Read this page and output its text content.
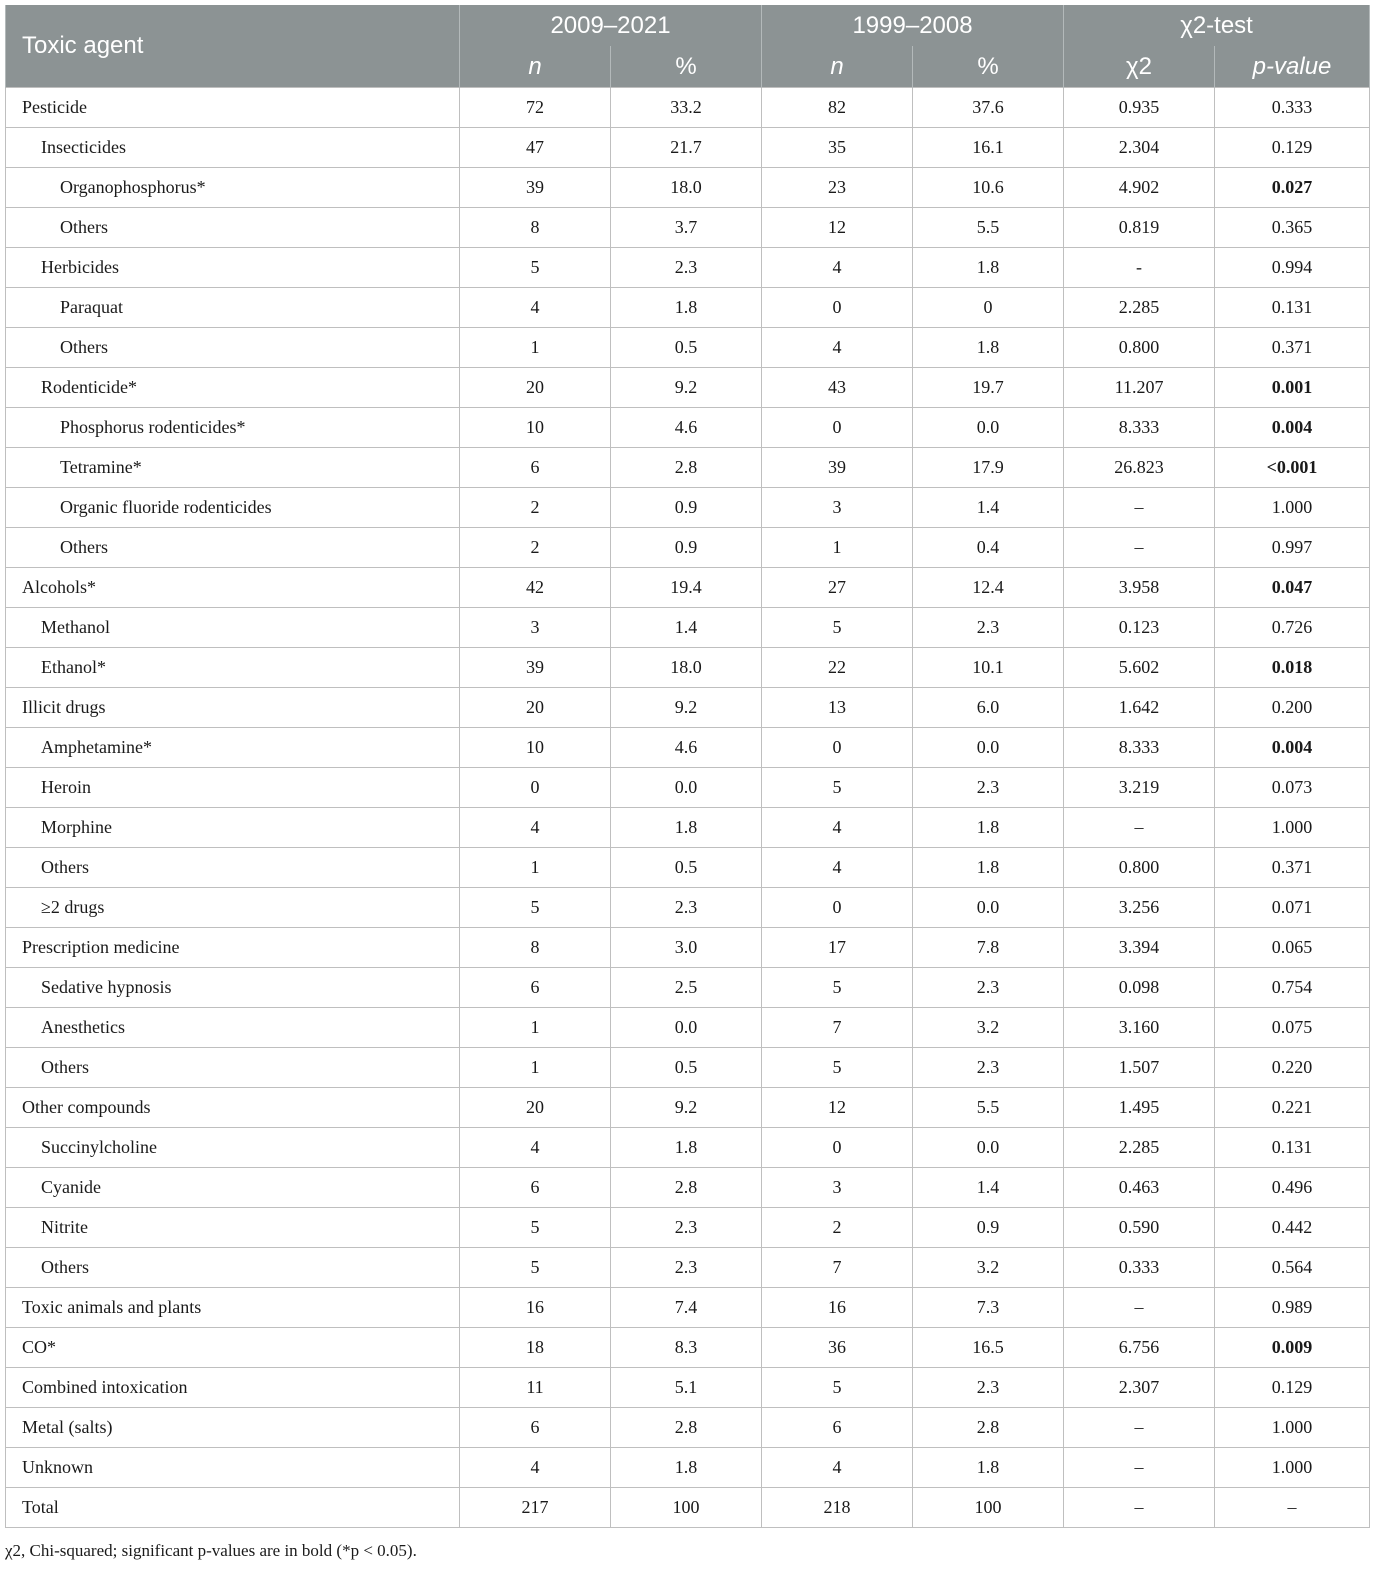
Toxic agent	2009–2021		1999–2008		χ2-test	
	n	%	n	%	χ2	p-value
Pesticide	72	33.2	82	37.6	0.935	0.333
Insecticides	47	21.7	35	16.1	2.304	0.129
Organophosphorus*	39	18.0	23	10.6	4.902	0.027
Others	8	3.7	12	5.5	0.819	0.365
Herbicides	5	2.3	4	1.8	-	0.994
Paraquat	4	1.8	0	0	2.285	0.131
Others	1	0.5	4	1.8	0.800	0.371
Rodenticide*	20	9.2	43	19.7	11.207	0.001
Phosphorus rodenticides*	10	4.6	0	0.0	8.333	0.004
Tetramine*	6	2.8	39	17.9	26.823	<0.001
Organic fluoride rodenticides	2	0.9	3	1.4	–	1.000
Others	2	0.9	1	0.4	–	0.997
Alcohols*	42	19.4	27	12.4	3.958	0.047
Methanol	3	1.4	5	2.3	0.123	0.726
Ethanol*	39	18.0	22	10.1	5.602	0.018
Illicit drugs	20	9.2	13	6.0	1.642	0.200
Amphetamine*	10	4.6	0	0.0	8.333	0.004
Heroin	0	0.0	5	2.3	3.219	0.073
Morphine	4	1.8	4	1.8	–	1.000
Others	1	0.5	4	1.8	0.800	0.371
≥2 drugs	5	2.3	0	0.0	3.256	0.071
Prescription medicine	8	3.0	17	7.8	3.394	0.065
Sedative hypnosis	6	2.5	5	2.3	0.098	0.754
Anesthetics	1	0.0	7	3.2	3.160	0.075
Others	1	0.5	5	2.3	1.507	0.220
Other compounds	20	9.2	12	5.5	1.495	0.221
Succinylcholine	4	1.8	0	0.0	2.285	0.131
Cyanide	6	2.8	3	1.4	0.463	0.496
Nitrite	5	2.3	2	0.9	0.590	0.442
Others	5	2.3	7	3.2	0.333	0.564
Toxic animals and plants	16	7.4	16	7.3	–	0.989
CO*	18	8.3	36	16.5	6.756	0.009
Combined intoxication	11	5.1	5	2.3	2.307	0.129
Metal (salts)	6	2.8	6	2.8	–	1.000
Unknown	4	1.8	4	1.8	–	1.000
Total	217	100	218	100	–	–
χ2, Chi-squared; significant p-values are in bold (*p < 0.05).
